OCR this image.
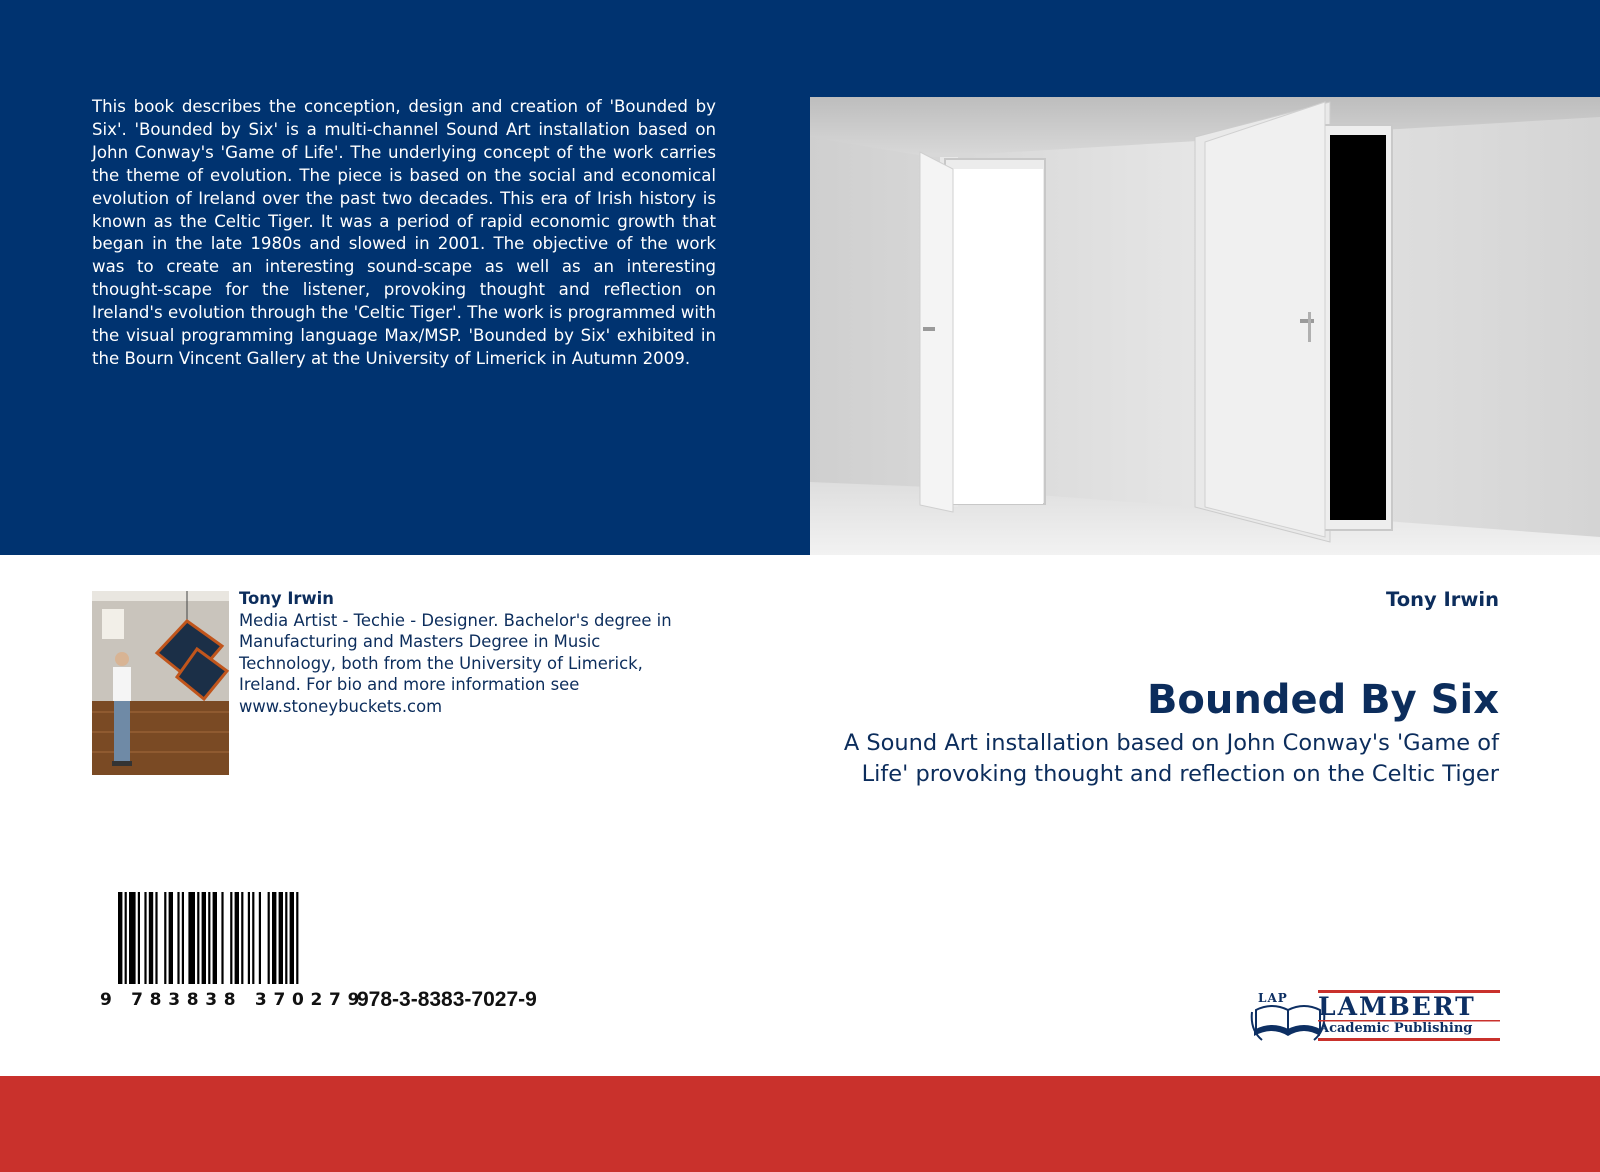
This book describes the conception, design and creation of 'Bounded by Six'. 'Bounded by Six' is a multi-channel Sound Art installation based on John Conway's 'Game of Life'. The underlying concept of the work carries the theme of evolution. The piece is based on the social and economical evolution of Ireland over the past two decades. This era of Irish history is known as the Celtic Tiger. It was a period of rapid economic growth that began in the late 1980s and slowed in 2001. The objective of the work was to create an interesting sound-scape as well as an interesting thought-scape for the listener, provoking thought and reflection on Ireland's evolution through the 'Celtic Tiger'. The work is programmed with the visual programming language Max/MSP. 'Bounded by Six' exhibited in the Bourn Vincent Gallery at the University of Limerick in Autumn 2009.

Tony Irwin
Media Artist - Techie - Designer. Bachelor's degree in Manufacturing and Masters Degree in Music Technology, both from the University of Limerick, Ireland. For bio and more information see www.stoneybuckets.com
Tony Irwin
Bounded By Six
A Sound Art installation based on John Conway's 'Game of Life' provoking thought and reflection on the Celtic Tiger
9 783838 370279
978-3-8383-7027-9	LAP LAMBERT
Academic Publishing
